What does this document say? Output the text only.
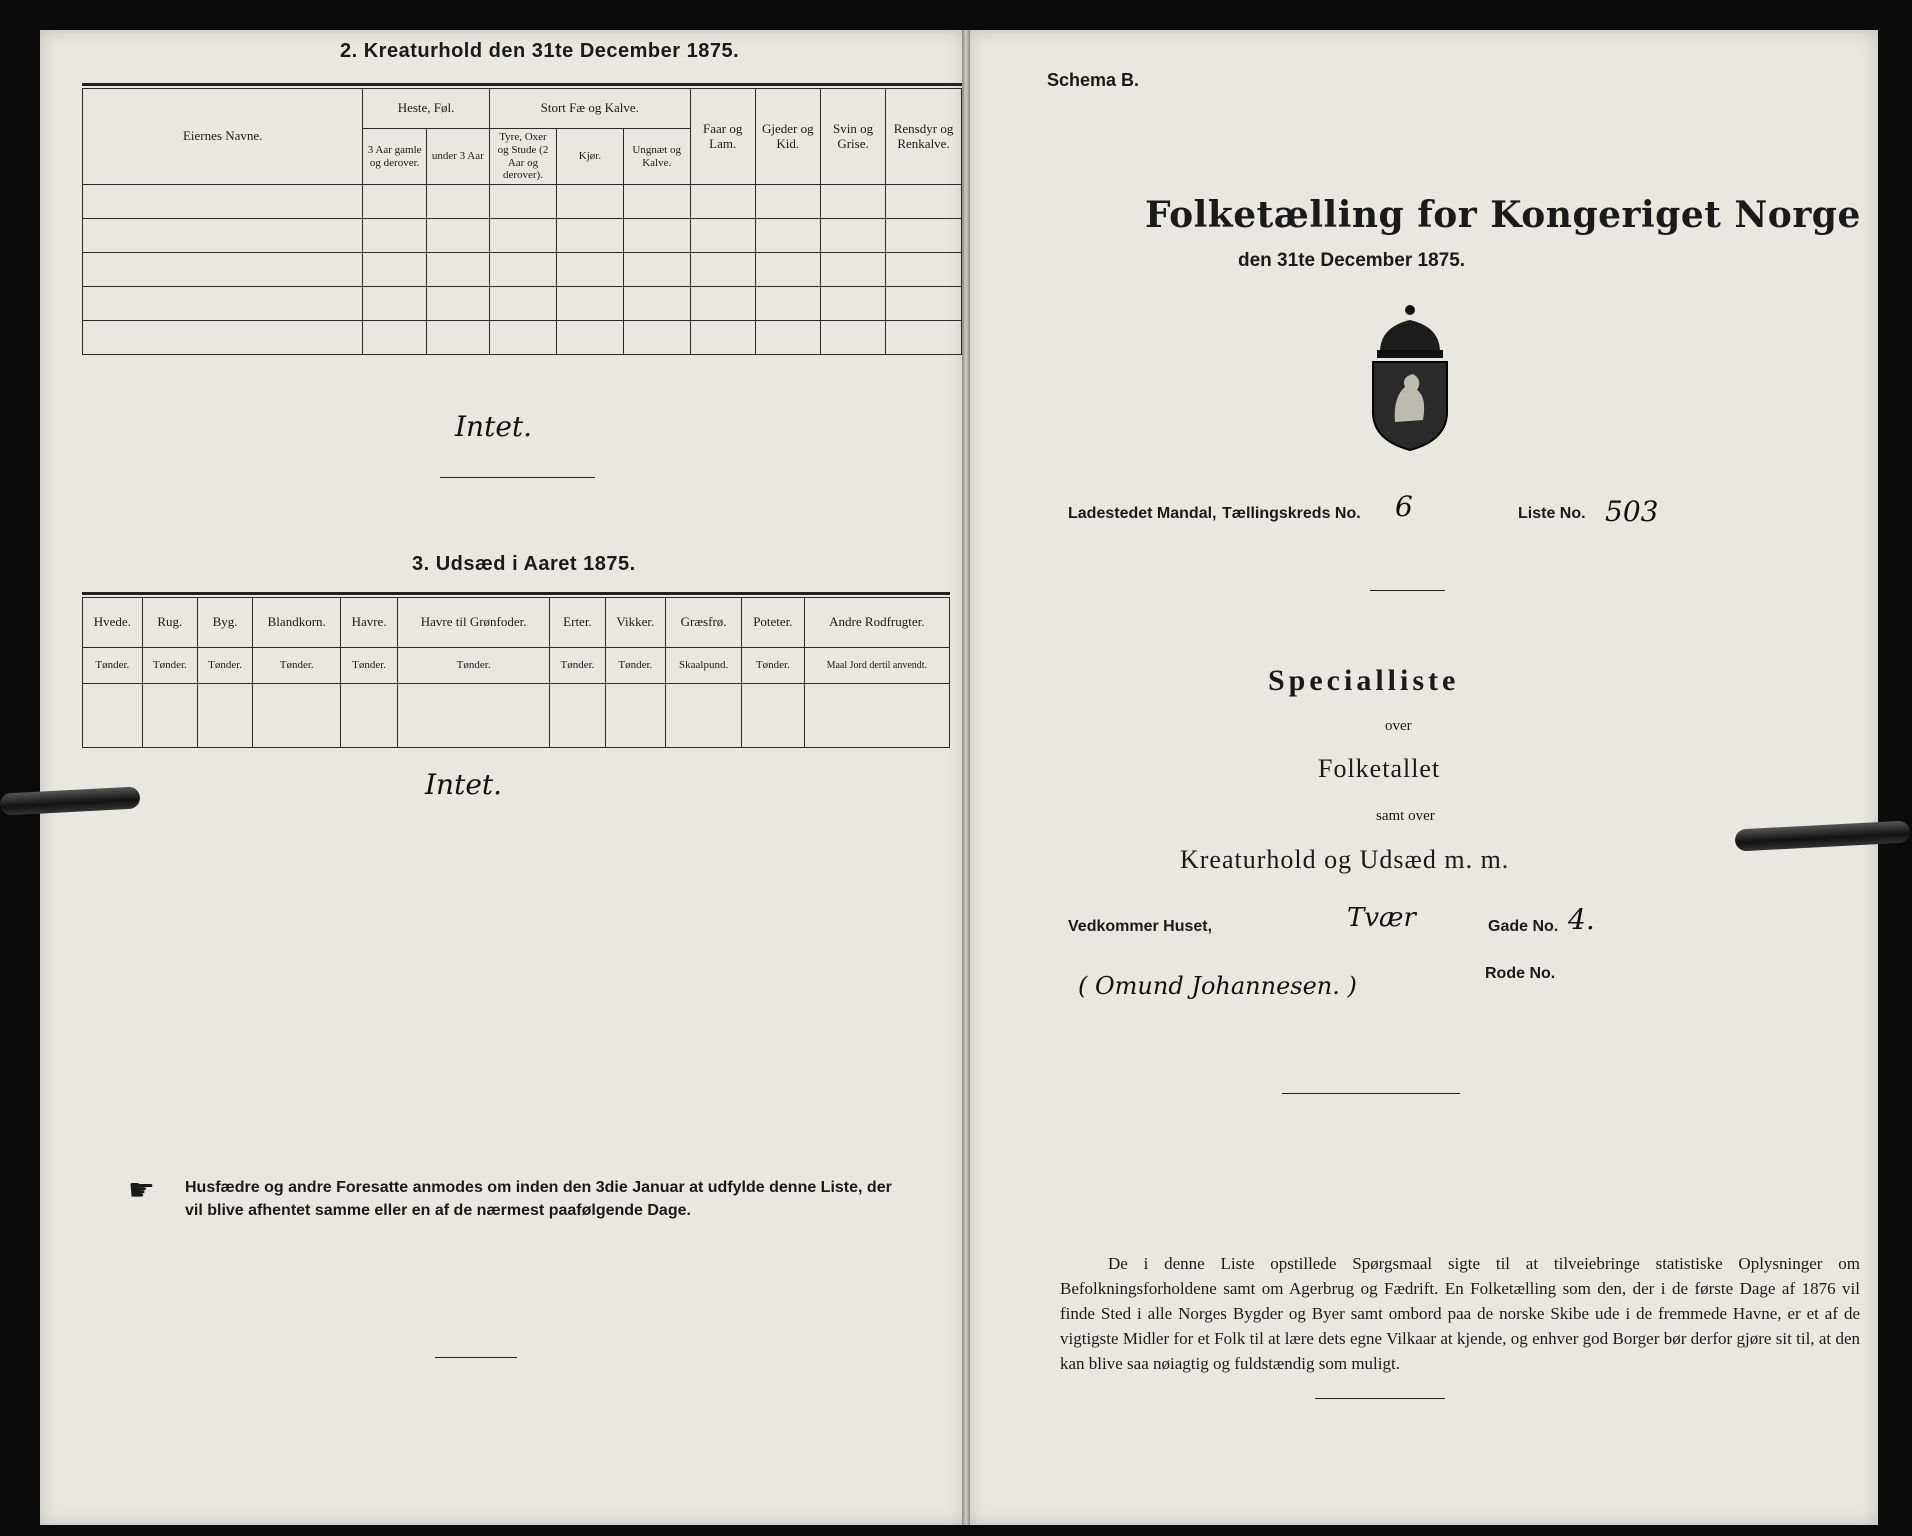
2. Kreaturhold den 31te December 1875.
Eiernes Navne.	Heste, Føl.		Stort Fæ og Kalve.			Faar og Lam.	Gjeder og Kid.	Svin og Grise.	Rensdyr og Renkalve.
	3 Aar gamle og derover.	under 3 Aar	Tyre, Oxer og Stude (2 Aar og derover).	Kjør.	Ungnæt og Kalve.				

Intet.
3. Udsæd i Aaret 1875.
Hvede.	Rug.	Byg.	Blandkorn.	Havre.	Havre til Grønfoder.	Erter.	Vikker.	Græsfrø.	Poteter.	Andre Rodfrugter.
Tønder.	Tønder.	Tønder.	Tønder.	Tønder.	Tønder.	Tønder.	Tønder.	Skaalpund.	Tønder.	Maal Jord dertil anvendt.

Intet.
☛ Husfædre og andre Foresatte anmodes om inden den 3die Januar at udfylde denne Liste, der vil blive afhentet samme eller en af de nærmest paafølgende Dage.
Schema B.
Folketælling for Kongeriget Norge
den 31te December 1875.
Ladestedet Mandal, Tællingskreds No. 6	Liste No. 503
Specialliste
over
Folketallet
samt over
Kreaturhold og Udsæd m. m.
Vedkommer Huset,	Tvær	Gade No. 4.
( Omund Johannesen. )	Rode No.
De i denne Liste opstillede Spørgsmaal sigte til at tilveiebringe statistiske Oplysninger om Befolkningsforholdene samt om Agerbrug og Fædrift. En Folketælling som den, der i de første Dage af 1876 vil finde Sted i alle Norges Bygder og Byer samt ombord paa de norske Skibe ude i de fremmede Havne, er et af de vigtigste Midler for et Folk til at lære dets egne Vilkaar at kjende, og enhver god Borger bør derfor gjøre sit til, at den kan blive saa nøiagtig og fuldstændig som muligt.
